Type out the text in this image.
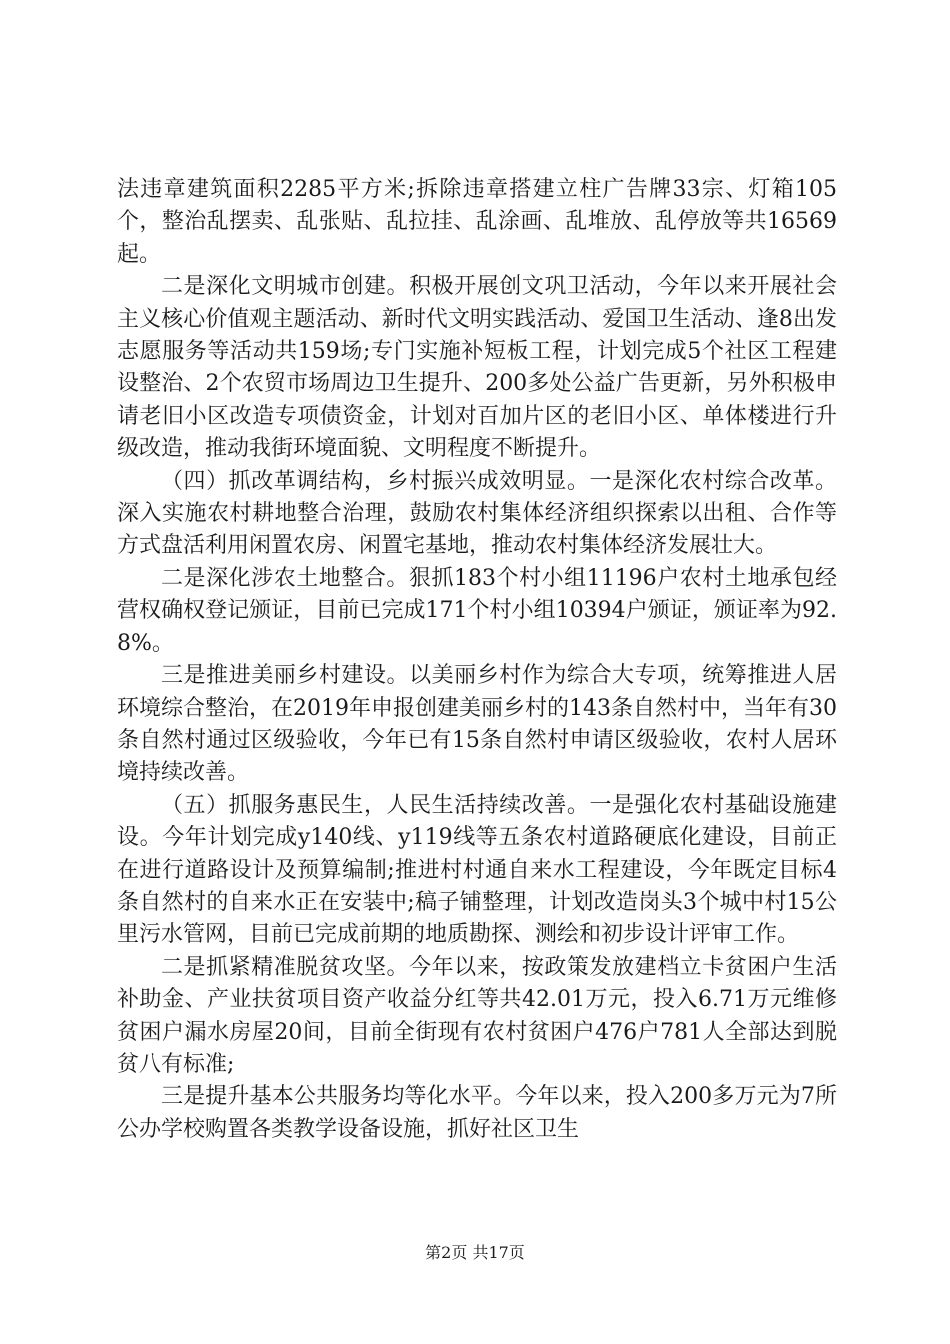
法违章建筑面积2285平方米;拆除违章搭建立柱广告牌33宗、灯箱105个，整治乱摆卖、乱张贴、乱拉挂、乱涂画、乱堆放、乱停放等共16569起。

二是深化文明城市创建。积极开展创文巩卫活动，今年以来开展社会主义核心价值观主题活动、新时代文明实践活动、爱国卫生活动、逢8出发志愿服务等活动共159场;专门实施补短板工程，计划完成5个社区工程建设整治、2个农贸市场周边卫生提升、200多处公益广告更新，另外积极申请老旧小区改造专项债资金，计划对百加片区的老旧小区、单体楼进行升级改造，推动我街环境面貌、文明程度不断提升。

（四）抓改革调结构，乡村振兴成效明显。一是深化农村综合改革。深入实施农村耕地整合治理，鼓励农村集体经济组织探索以出租、合作等方式盘活利用闲置农房、闲置宅基地，推动农村集体经济发展壮大。

二是深化涉农土地整合。狠抓183个村小组11196户农村土地承包经营权确权登记颁证，目前已完成171个村小组10394户颁证，颁证率为92.8%。

三是推进美丽乡村建设。以美丽乡村作为综合大专项，统筹推进人居环境综合整治，在2019年申报创建美丽乡村的143条自然村中，当年有30条自然村通过区级验收，今年已有15条自然村申请区级验收，农村人居环境持续改善。

（五）抓服务惠民生，人民生活持续改善。一是强化农村基础设施建设。今年计划完成y140线、y119线等五条农村道路硬底化建设，目前正在进行道路设计及预算编制;推进村村通自来水工程建设，今年既定目标4条自然村的自来水正在安装中;稿子铺整理，计划改造岗头3个城中村15公里污水管网，目前已完成前期的地质勘探、测绘和初步设计评审工作。

二是抓紧精准脱贫攻坚。今年以来，按政策发放建档立卡贫困户生活补助金、产业扶贫项目资产收益分红等共42.01万元，投入6.71万元维修贫困户漏水房屋20间，目前全街现有农村贫困户476户781人全部达到脱贫八有标准;

三是提升基本公共服务均等化水平。今年以来，投入200多万元为7所公办学校购置各类教学设备设施，抓好社区卫生

第2页 共17页
